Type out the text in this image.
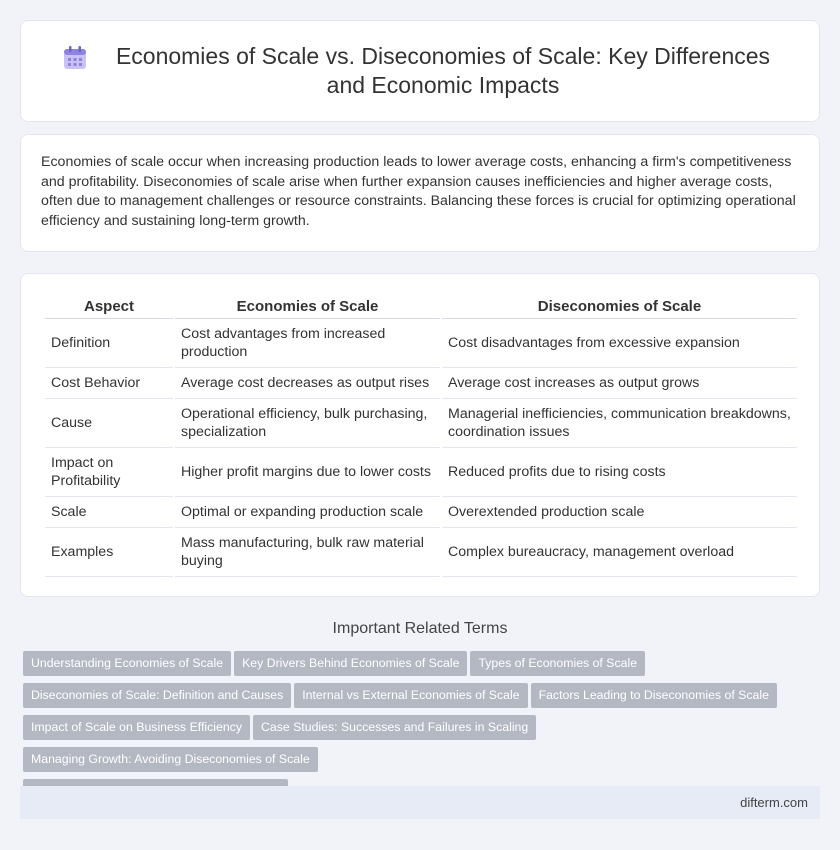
Economies of Scale vs. Diseconomies of Scale: Key Differences and Economic Impacts

Economies of scale occur when increasing production leads to lower average costs, enhancing a firm's competitiveness and profitability. Diseconomies of scale arise when further expansion causes inefficiencies and higher average costs, often due to management challenges or resource constraints. Balancing these forces is crucial for optimizing operational efficiency and sustaining long-term growth.

Aspect	Economies of Scale	Diseconomies of Scale
Definition	Cost advantages from increased production	Cost disadvantages from excessive expansion
Cost Behavior	Average cost decreases as output rises	Average cost increases as output grows
Cause	Operational efficiency, bulk purchasing, specialization	Managerial inefficiencies, communication breakdowns, coordination issues
Impact on Profitability	Higher profit margins due to lower costs	Reduced profits due to rising costs
Scale	Optimal or expanding production scale	Overextended production scale
Examples	Mass manufacturing, bulk raw material buying	Complex bureaucracy, management overload
Important Related Terms
Understanding Economies of Scale Key Drivers Behind Economies of Scale Types of Economies of Scale
Diseconomies of Scale: Definition and Causes Internal vs External Economies of Scale Factors Leading to Diseconomies of Scale
Impact of Scale on Business Efficiency Case Studies: Successes and Failures in ScalingManaging Growth: Avoiding Diseconomies of Scale

difterm.com
